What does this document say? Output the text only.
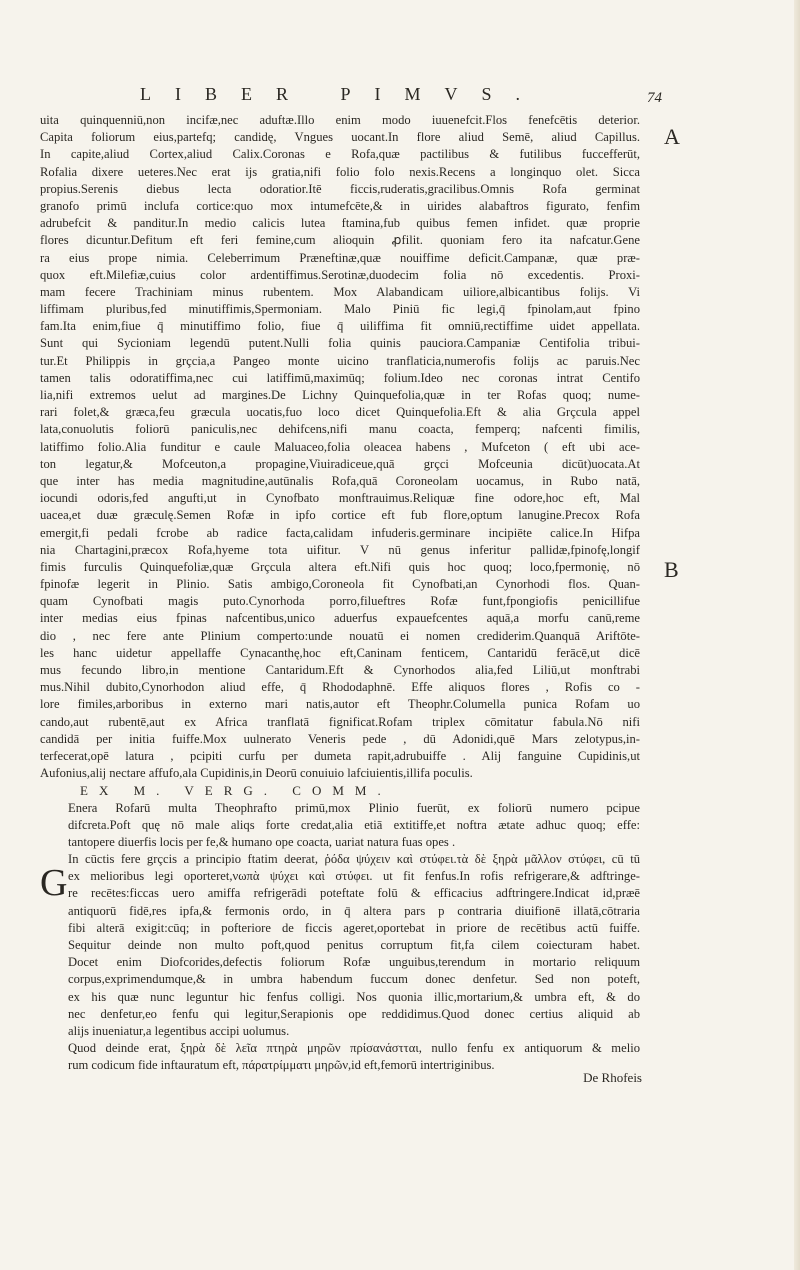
LIBER PIMVS.	74
A
B
uita quinquenniū,non incifæ,nec aduftæ.Illo enim modo iuuenefcit.Flos fenefcētis deterior.
Capita foliorum eius,partefq; candidę, Vngues uocant.In flore aliud Semē, aliud Capillus.
In capite,aliud Cortex,aliud Calix.Coronas e Rofa,quæ pactilibus & futilibus fuccefferūt,
Rofalia dixere ueteres.Nec erat ijs gratia,nifi folio folo nexis.Recens a longinquo olet. Sicca
propius.Serenis diebus lecta odoratior.Itē ficcis,ruderatis,gracilibus.Omnis Rofa germinat
granofo primū inclufa cortice:quo mox intumefcēte,& in uirides alabaftros figurato, fenfim
adrubefcit & panditur.In medio calicis lutea ftamina,fub quibus femen infidet. quæ proprie
flores dicuntur.Defitum eft feri femine,cum alioquin ꝓfilit. quoniam fero ita nafcatur.Gene
ra eius prope nimia. Celeberrimum Præneftinæ,quæ nouiffime deficit.Campanæ, quæ præ-
quox eft.Milefiæ,cuius color ardentiffimus.Serotinæ,duodecim folia nō excedentis. Proxi-
mam fecere Trachiniam minus rubentem. Mox Alabandicam uiliore,albicantibus folijs. Vi
liffimam pluribus,fed minutiffimis,Spermoniam. Malo Piniū fic legi,q̄ fpinolam,aut fpino
fam.Ita enim,fiue q̄ minutiffimo folio, fiue q̄ uiliffima fit omniū,rectiffime uidet appellata.
Sunt qui Sycioniam legendū putent.Nulli folia quinis pauciora.Campaniæ Centifolia tribui-
tur.Et Philippis in grçcia,a Pangeo monte uicino tranflaticia,numerofis folijs ac paruis.Nec
tamen talis odoratiffima,nec cui latiffimū,maximūq; folium.Ideo nec coronas intrat Centifo
lia,nifi extremos uelut ad margines.De Lichny Quinquefolia,quæ in ter Rofas quoq; nume-
rari folet,& græca,feu græcula uocatis,fuo loco dicet Quinquefolia.Eft & alia Grçcula appel
lata,conuolutis foliorū paniculis,nec dehifcens,nifi manu coacta, femperq; nafcenti fimilis,
latiffimo folio.Alia funditur e caule Maluaceo,folia oleacea habens , Mufceton ( eft ubi ace-
ton legatur,& Mofceuton,a propagine,Viuiradiceue,quā grçci Mofceunia dicūt)uocata.At
que inter has media magnitudine,autūnalis Rofa,quā Coroneolam uocamus, in Rubo natā,
iocundi odoris,fed angufti,ut in Cynofbato monftrauimus.Reliquæ fine odore,hoc eft, Mal
uacea,et duæ græculę.Semen Rofæ in ipfo cortice eft fub flore,optum lanugine.Precox Rofa
emergit,fi pedali fcrobe ab radice facta,calidam infuderis.germinare incipiēte calice.In Hifpa
nia Chartagini,præcox Rofa,hyeme tota uifitur. V nū genus inferitur pallidæ,fpinofę,longif
fimis furculis Quinquefoliæ,quæ Grçcula altera eft.Nifi quis hoc quoq; loco,fpermonię, nō
fpinofæ legerit in Plinio. Satis ambigo,Coroneola fit Cynofbati,an Cynorhodi flos. Quan-
quam Cynofbati magis puto.Cynorhoda porro,filueftres Rofæ funt,fpongiofis penicillifue
inter medias eius fpinas nafcentibus,unico aduerfus expauefcentes aquā,a morfu canū,reme
dio , nec fere ante Plinium comperto:unde nouatū ei nomen crediderim.Quanquā Ariftōte-
les hanc uidetur appellaffe Cynacanthę,hoc eft,Caninam fenticem, Cantaridū ferācē,ut dicē
mus fecundo libro,in mentione Cantaridum.Eft & Cynorhodos alia,fed Liliū,ut monftrabi
mus.Nihil dubito,Cynorhodon aliud effe, q̄ Rhododaphnē. Effe aliquos flores , Rofis co -
lore fimiles,arboribus in externo mari natis,autor eft Theophr.Columella punica Rofam uo
cando,aut rubentē,aut ex Africa tranflatā fignificat.Rofam triplex cōmitatur fabula.Nō nifi
candidā per initia fuiffe.Mox uulnerato Veneris pede , dū Adonidi,quē Mars zelotypus,in-
terfecerat,opē latura , pcipiti curfu per dumeta rapit,adrubuiffe . Alij fanguine Cupidinis,ut
Aufonius,alij nectare affufo,ala Cupidinis,in Deorū conuiuio lafciuientis,illifa poculis.
EX M. VERG. COMM.
Enera Rofarū multa Theophrafto primū,mox Plinio fuerūt, ex foliorū numero pcipue
difcreta.Poft quę nō male aliqs forte credat,alia etiā extitiffe,et noftra ætate adhuc quoq; effe:
tantopere diuerfis locis per fe,& humano ope coacta, uariat natura fuas opes .
In cūctis fere grçcis a principio ftatim deerat, ῥόδα ψύχειν καὶ στύφει.τὰ δὲ ξηρὰ μᾶλλον στύφει, cū tū
ex melioribus legi oporteret,νωπὰ ψύχει καὶ στύφει. ut fit fenfus.In rofis refrigerare,& adftringe-
re recētes:ficcas uero amiffa refrigerādi poteftate folū & efficacius adftringere.Indicat id,præē
antiquorū fidē,res ipfa,& fermonis ordo, in q̄ altera pars p contraria diuifionē illatā,cōtraria
fibi alterā exigit:cūq; in pofteriore de ficcis ageret,oportebat in priore de recētibus actū fuiffe.
Sequitur deinde non multo poft,quod penitus corruptum fit,fa cilem coiecturam habet.
Docet enim Diofcorides,defectis foliorum Rofæ unguibus,terendum in mortario reliquum
corpus,exprimendumque,& in umbra habendum fuccum donec denfetur. Sed non poteft,
ex his quæ nunc leguntur hic fenfus colligi. Nos quonia illic,mortarium,& umbra eft, & do
nec denfetur,eo fenfu qui legitur,Serapionis ope reddidimus.Quod donec certius aliquid ab
alijs inueniatur,a legentibus accipi uolumus.
Quod deinde erat, ξηρὰ δὲ λεῖα πτηρὰ μηρῶν πρίσανάστται, nullo fenfu ex antiquorum & melio
rum codicum fide inftauratum eft, πάρατρίμματι μηρῶν,id eft,femorū intertriginibus.
G
De Rhofeis
